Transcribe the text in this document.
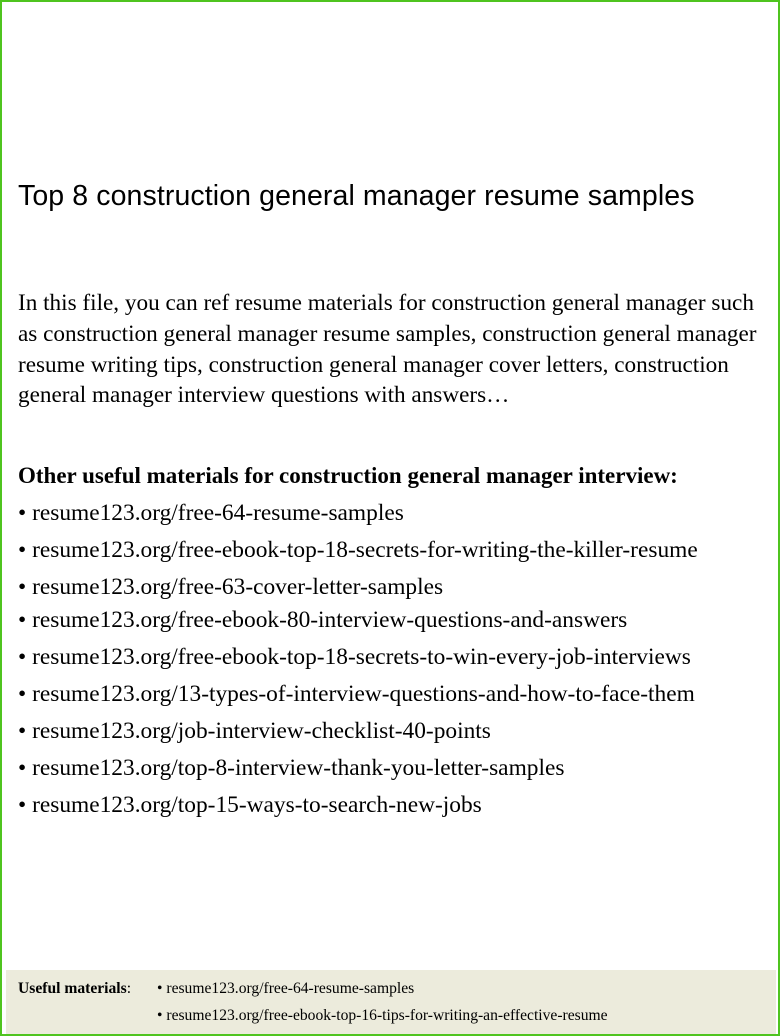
Top 8 construction general manager resume samples

In this file, you can ref resume materials for construction general manager such as construction general manager resume samples, construction general manager resume writing tips, construction general manager cover letters, construction general manager interview questions with answers…

Other useful materials for construction general manager interview:

• resume123.org/free-64-resume-samples
• resume123.org/free-ebook-top-18-secrets-for-writing-the-killer-resume
• resume123.org/free-63-cover-letter-samples
• resume123.org/free-ebook-80-interview-questions-and-answers
• resume123.org/free-ebook-top-18-secrets-to-win-every-job-interviews
• resume123.org/13-types-of-interview-questions-and-how-to-face-them
• resume123.org/job-interview-checklist-40-points
• resume123.org/top-8-interview-thank-you-letter-samples
• resume123.org/top-15-ways-to-search-new-jobs
Useful materials: • resume123.org/free-64-resume-samples
• resume123.org/free-ebook-top-16-tips-for-writing-an-effective-resume
